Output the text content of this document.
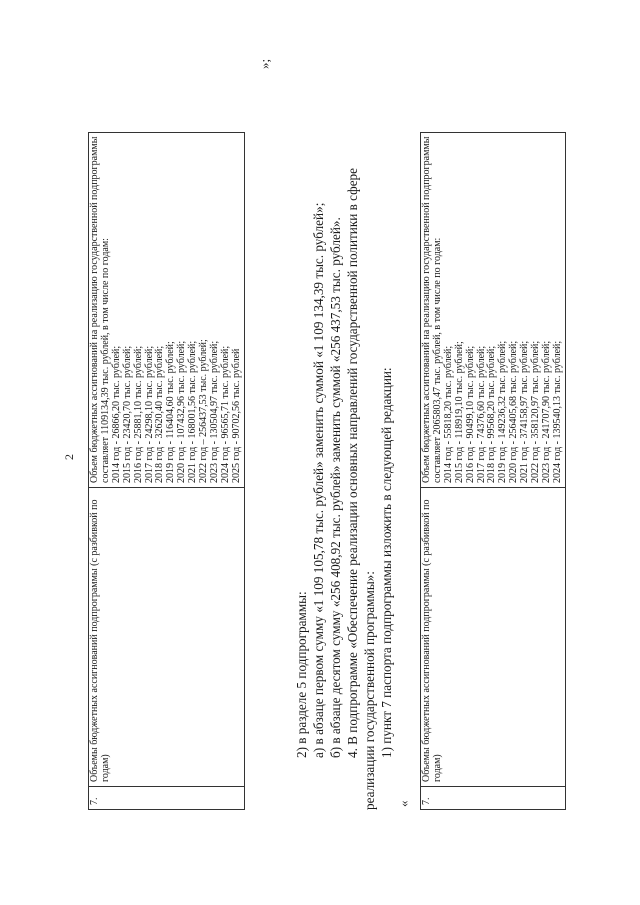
2
7.	Объемы бюджетных ассигнований подпрограммы (с разбивкой по годам)	
Объем бюджетных ассигнований на реализацию государственной подпрограммы составляет 1109134,39 тыс. рублей, в том числе по годам: 2014 год - 26866,20 тыс. рублей; 2015 год - 23420,70 тыс. рублей; 2016 год - 25881,10 тыс. рублей; 2017 год - 24298,10 тыс. рублей; 2018 год - 32620,40 тыс. рублей; 2019 год - 116404,60 тыс. рублей; 2020 год - 107432,96 тыс. рублей; 2021 год - 168001,56 тыс. рублей; 2022 год – 256437,53 тыс. рублей; 2023 год - 130504,97 тыс. рублей; 2024 год - 96565,71 тыс. рублей; 2025 год - 90702,56 тыс. рублей
»;

2) в разделе 5 подпрограммы: а) в абзаце первом сумму «1 109 105,78 тыс. рублей» заменить суммой «1 109 134,39 тыс. рублей»; б) в абзаце десятом сумму «256 408,92 тыс. рублей» заменить суммой «256 437,53 тыс. рублей». 4. В подпрограмме «Обеспечение реализации основных направлений государственной политики в сфере реализации государственной программы»: 1) пункт 7 паспорта подпрограммы изложить в следующей редакции:

« 7.	Объемы бюджетных ассигнований подпрограммы (с разбивкой по годам)	
Объем бюджетных ассигнований на реализацию государственной подпрограммы составляет 2065803,47 тыс. рублей, в том числе по годам: 2014 год - 55818,20 тыс. рублей; 2015 год - 118919,10 тыс. рублей; 2016 год - 90499,10 тыс. рублей; 2017 год - 74376,60 тыс. рублей; 2018 год - 99568,20 тыс. рублей; 2019 год - 149236,32 тыс. рублей; 2020 год - 256405,68 тыс. рублей; 2021 год - 374158,97 тыс. рублей; 2022 год - 358120,97 тыс. рублей; 2023 год - 241707,90 тыс. рублей; 2024 год - 139540,13 тыс. рублей;
